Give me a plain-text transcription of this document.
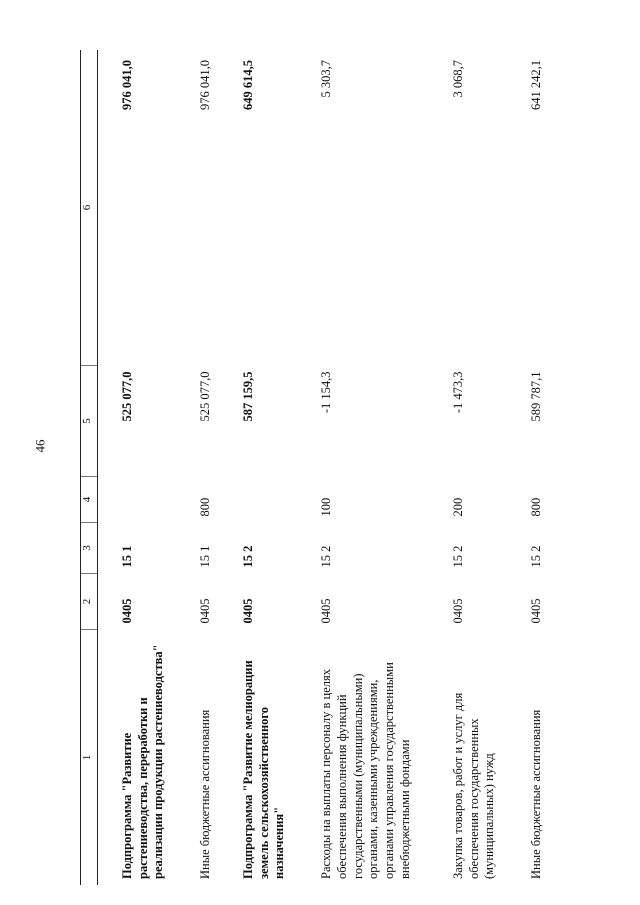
46
1	2	3	4	5	6
Подпрограмма "Развитие растениеводства, переработки и реализации продукции растениеводства"	0405	15 1		525 077,0	976 041,0
Иные бюджетные ассигнования	0405	15 1	800	525 077,0	976 041,0
Подпрограмма "Развитие мелиорации земель сельскохозяйственного назначения"	0405	15 2		587 159,5	649 614,5
Расходы на выплаты персоналу в целях обеспечения выполнения функций государственными (муниципальными) органами, казенными учреждениями, органами управления государственными внебюджетными фондами	0405	15 2	100	-1 154,3	5 303,7
Закупка товаров, работ и услуг для обеспечения государственных (муниципальных) нужд	0405	15 2	200	-1 473,3	3 068,7
Иные бюджетные ассигнования	0405	15 2	800	589 787,1	641 242,1
